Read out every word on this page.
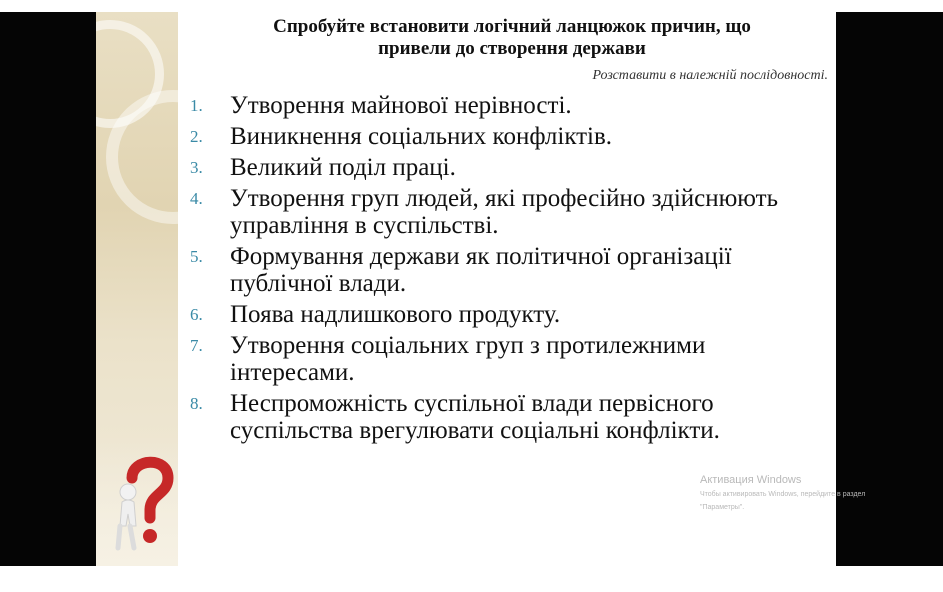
Спробуйте встановити логічний ланцюжок причин, що
привели до створення держави
Розставити в належній послідовності.
1.	Утворення майнової нерівності.
2.	Виникнення соціальних конфліктів.
3.	Великий поділ праці.
4.	Утворення груп людей, які професійно здійснюють управління в суспільстві.
5.	Формування держави як політичної організації публічної влади.
6.	Поява надлишкового продукту.
7.	Утворення соціальних груп з протилежними інтересами.
8.	Неспроможність суспільної влади первісного суспільства врегулювати соціальні конфлікти.
Активация Windows
Чтобы активировать Windows, перейдите в раздел
"Параметры".
